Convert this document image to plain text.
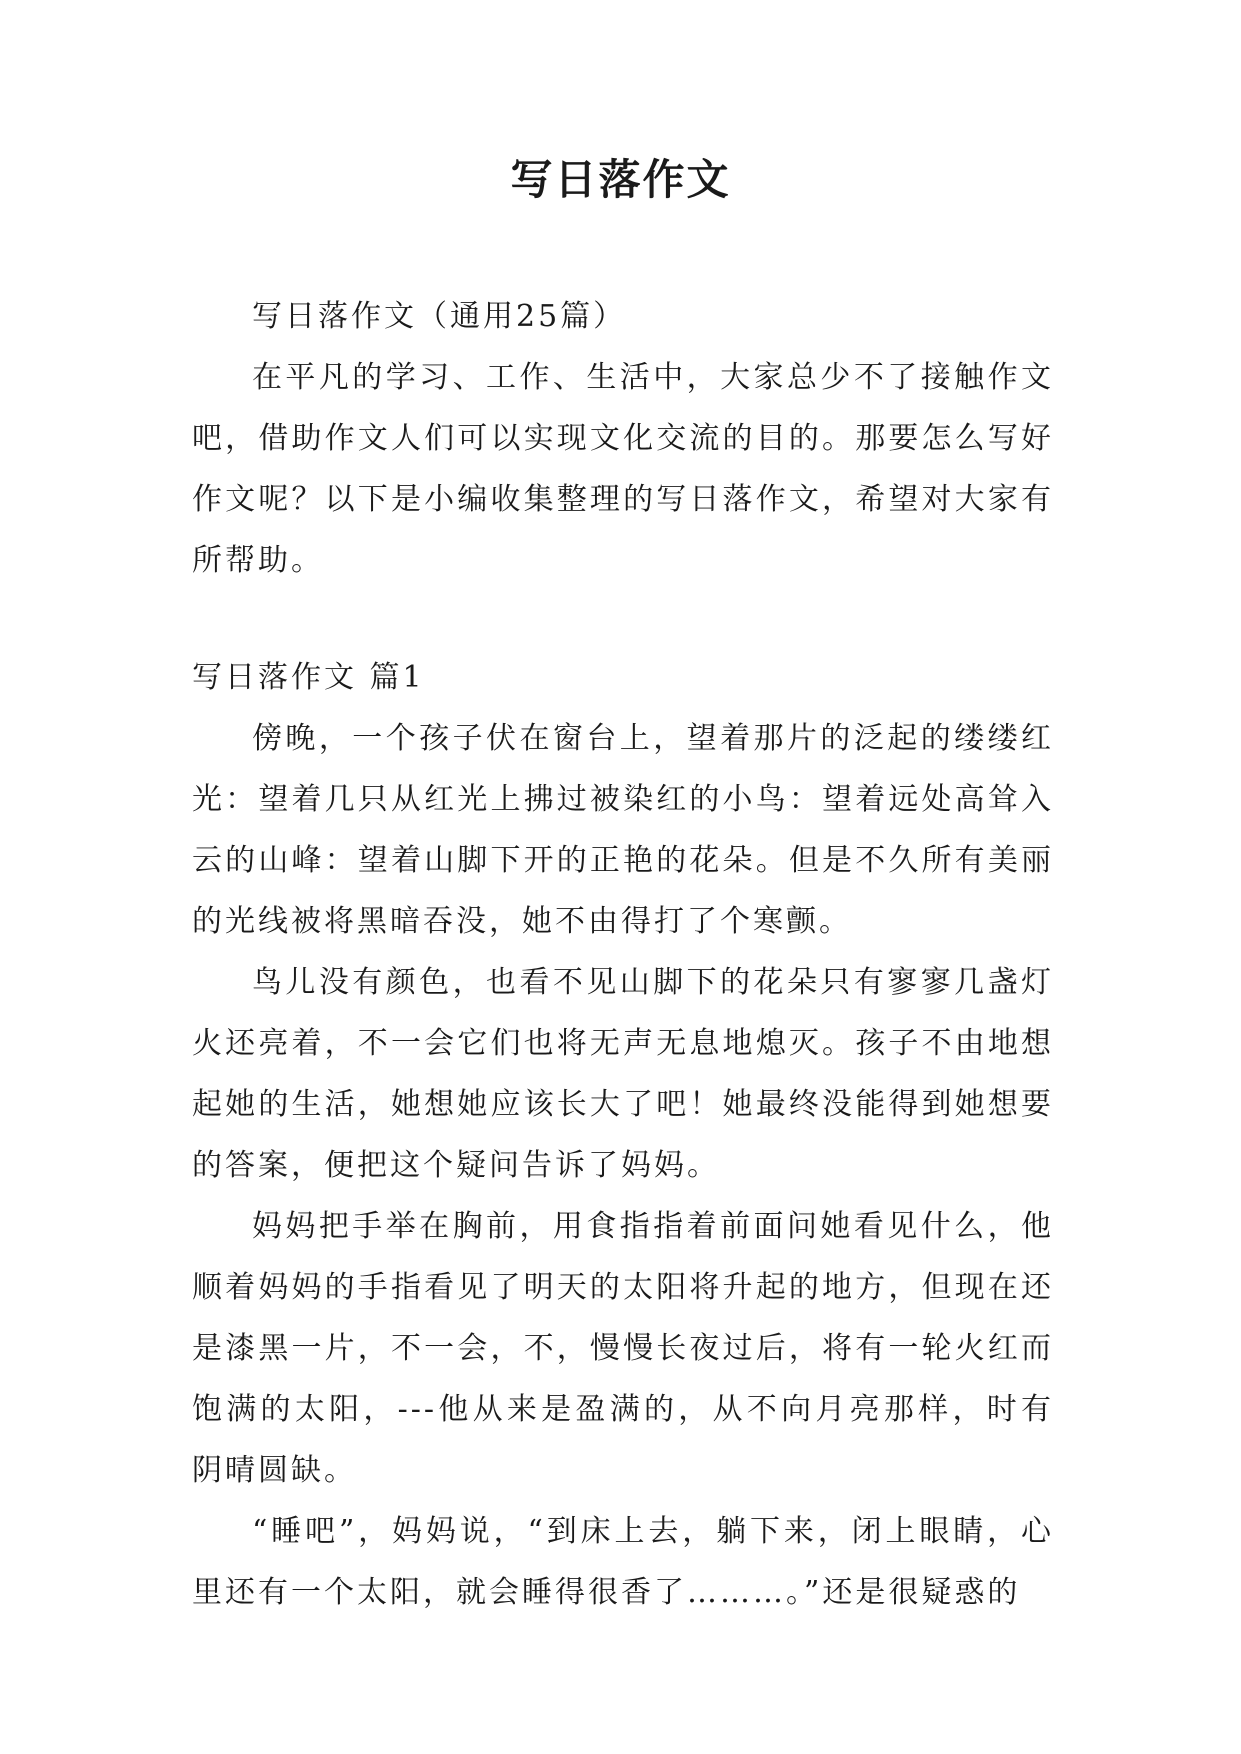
写日落作文

写日落作文（通用25篇）

在平凡的学习、工作、生活中，大家总少不了接触作文吧，借助作文人们可以实现文化交流的目的。那要怎么写好作文呢？以下是小编收集整理的写日落作文，希望对大家有所帮助。

写日落作文 篇1

傍晚，一个孩子伏在窗台上，望着那片的泛起的缕缕红光：望着几只从红光上拂过被染红的小鸟：望着远处高耸入云的山峰：望着山脚下开的正艳的花朵。但是不久所有美丽的光线被将黑暗吞没，她不由得打了个寒颤。

鸟儿没有颜色，也看不见山脚下的花朵只有寥寥几盏灯火还亮着，不一会它们也将无声无息地熄灭。孩子不由地想起她的生活，她想她应该长大了吧！她最终没能得到她想要的答案，便把这个疑问告诉了妈妈。

妈妈把手举在胸前，用食指指着前面问她看见什么，他顺着妈妈的手指看见了明天的太阳将升起的地方，但现在还是漆黑一片，不一会，不，慢慢长夜过后，将有一轮火红而饱满的太阳，---他从来是盈满的，从不向月亮那样，时有阴晴圆缺。

“睡吧”，妈妈说，“到床上去，躺下来，闭上眼睛，心里还有一个太阳，就会睡得很香了………。”还是很疑惑的
